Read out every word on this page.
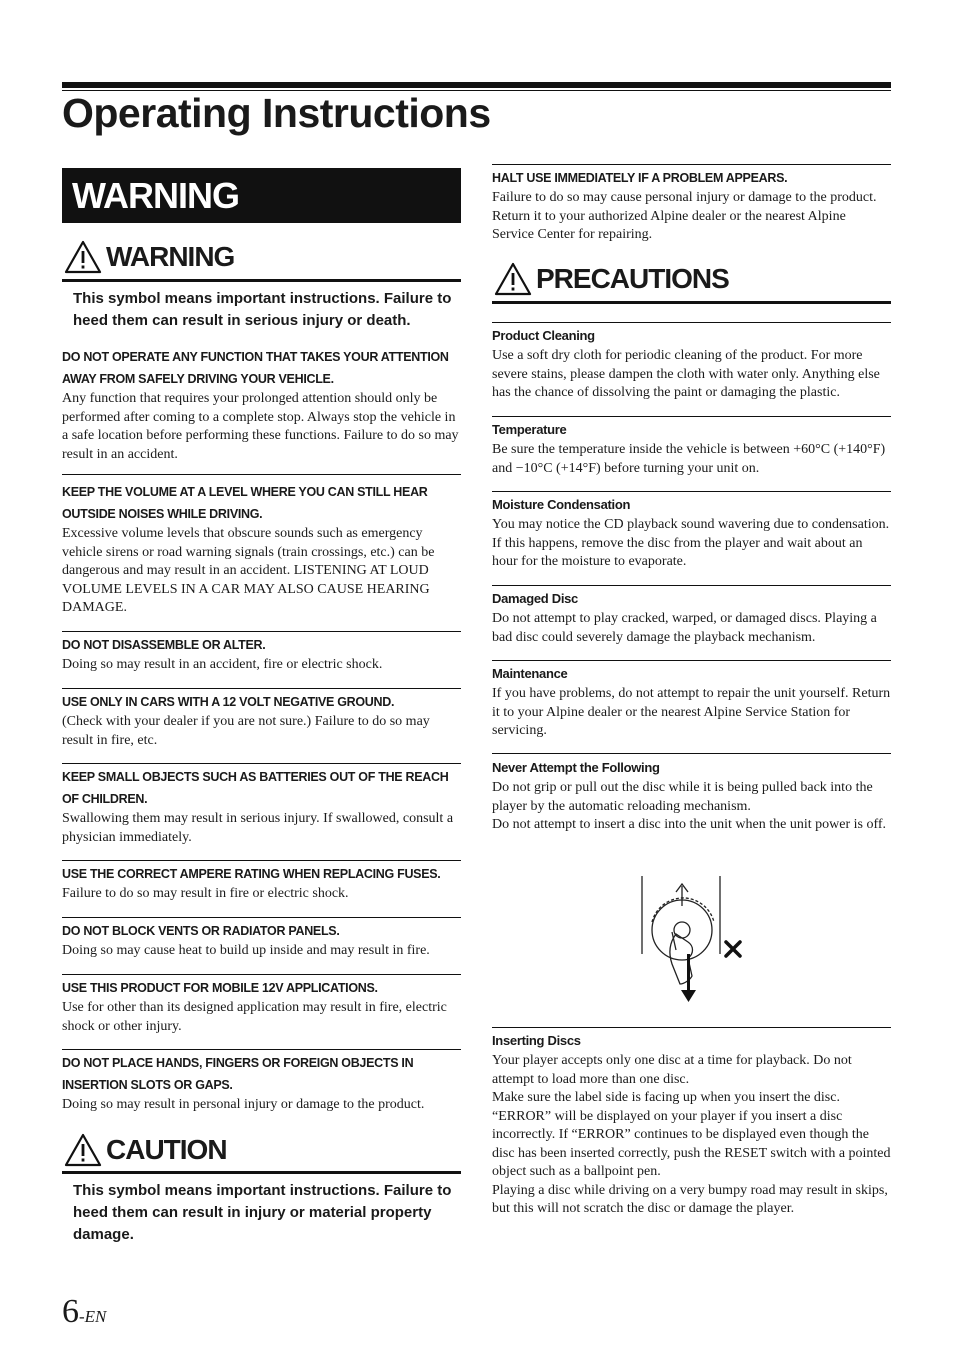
Operating Instructions
WARNING
WARNING
This symbol means important instructions. Failure to heed them can result in serious injury or death.
DO NOT OPERATE ANY FUNCTION THAT TAKES YOUR ATTENTION AWAY FROM SAFELY DRIVING YOUR VEHICLE.
Any function that requires your prolonged attention should only be performed after coming to a complete stop. Always stop the vehicle in a safe location before performing these functions. Failure to do so may result in an accident.
KEEP THE VOLUME AT A LEVEL WHERE YOU CAN STILL HEAR OUTSIDE NOISES WHILE DRIVING.
Excessive volume levels that obscure sounds such as emergency vehicle sirens or road warning signals (train crossings, etc.) can be dangerous and may result in an accident. LISTENING AT LOUD VOLUME LEVELS IN A CAR MAY ALSO CAUSE HEARING DAMAGE.
DO NOT DISASSEMBLE OR ALTER.
Doing so may result in an accident, fire or electric shock.
USE ONLY IN CARS WITH A 12 VOLT NEGATIVE GROUND.
(Check with your dealer if you are not sure.) Failure to do so may result in fire, etc.
KEEP SMALL OBJECTS SUCH AS BATTERIES OUT OF THE REACH OF CHILDREN.
Swallowing them may result in serious injury. If swallowed, consult a physician immediately.
USE THE CORRECT AMPERE RATING WHEN REPLACING FUSES.
Failure to do so may result in fire or electric shock.
DO NOT BLOCK VENTS OR RADIATOR PANELS.
Doing so may cause heat to build up inside and may result in fire.
USE THIS PRODUCT FOR MOBILE 12V APPLICATIONS.
Use for other than its designed application may result in fire, electric shock or other injury.
DO NOT PLACE HANDS, FINGERS OR FOREIGN OBJECTS IN INSERTION SLOTS OR GAPS.
Doing so may result in personal injury or damage to the product.
CAUTION
This symbol means important instructions. Failure to heed them can result in injury or material property damage.
HALT USE IMMEDIATELY IF A PROBLEM APPEARS.
Failure to do so may cause personal injury or damage to the product. Return it to your authorized Alpine dealer or the nearest Alpine Service Center for repairing.
PRECAUTIONS
Product Cleaning
Use a soft dry cloth for periodic cleaning of the product. For more severe stains, please dampen the cloth with water only. Anything else has the chance of dissolving the paint or damaging the plastic.
Temperature
Be sure the temperature inside the vehicle is between +60°C (+140°F) and −10°C (+14°F) before turning your unit on.
Moisture Condensation
You may notice the CD playback sound wavering due to condensation. If this happens, remove the disc from the player and wait about an hour for the moisture to evaporate.
Damaged Disc
Do not attempt to play cracked, warped, or damaged discs. Playing a bad disc could severely damage the playback mechanism.
Maintenance
If you have problems, do not attempt to repair the unit yourself. Return it to your Alpine dealer or the nearest Alpine Service Station for servicing.
Never Attempt the Following
Do not grip or pull out the disc while it is being pulled back into the player by the automatic reloading mechanism.
Do not attempt to insert a disc into the unit when the unit power is off.
Inserting Discs
Your player accepts only one disc at a time for playback. Do not attempt to load more than one disc.
Make sure the label side is facing up when you insert the disc. “ERROR” will be displayed on your player if you insert a disc incorrectly. If “ERROR” continues to be displayed even though the disc has been inserted correctly, push the RESET switch with a pointed object such as a ballpoint pen.
Playing a disc while driving on a very bumpy road may result in skips, but this will not scratch the disc or damage the player.
6-EN
